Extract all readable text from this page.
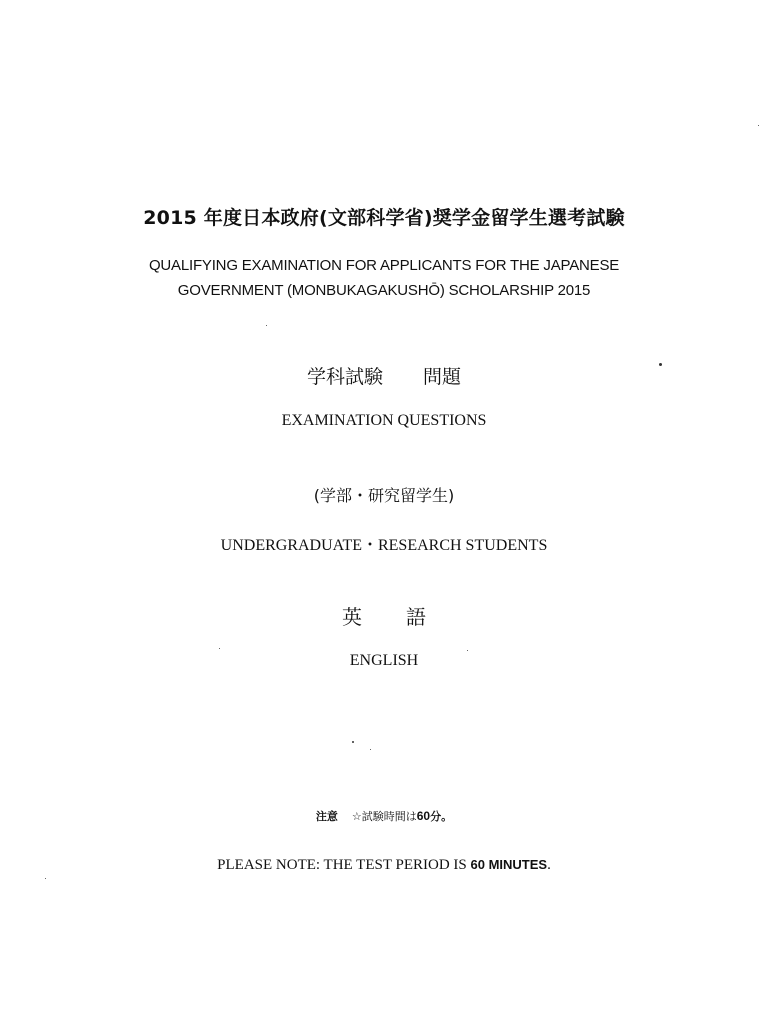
2015 年度日本政府(文部科学省)奨学金留学生選考試験
QUALIFYING EXAMINATION FOR APPLICANTS FOR THE JAPANESE
GOVERNMENT (MONBUKAGAKUSHŌ) SCHOLARSHIP 2015
学科試験 問題
EXAMINATION QUESTIONS
(学部・研究留学生)
UNDERGRADUATE・RESEARCH STUDENTS
英 語
ENGLISH
注意 ☆試験時間は60分。
PLEASE NOTE: THE TEST PERIOD IS 60 MINUTES.
